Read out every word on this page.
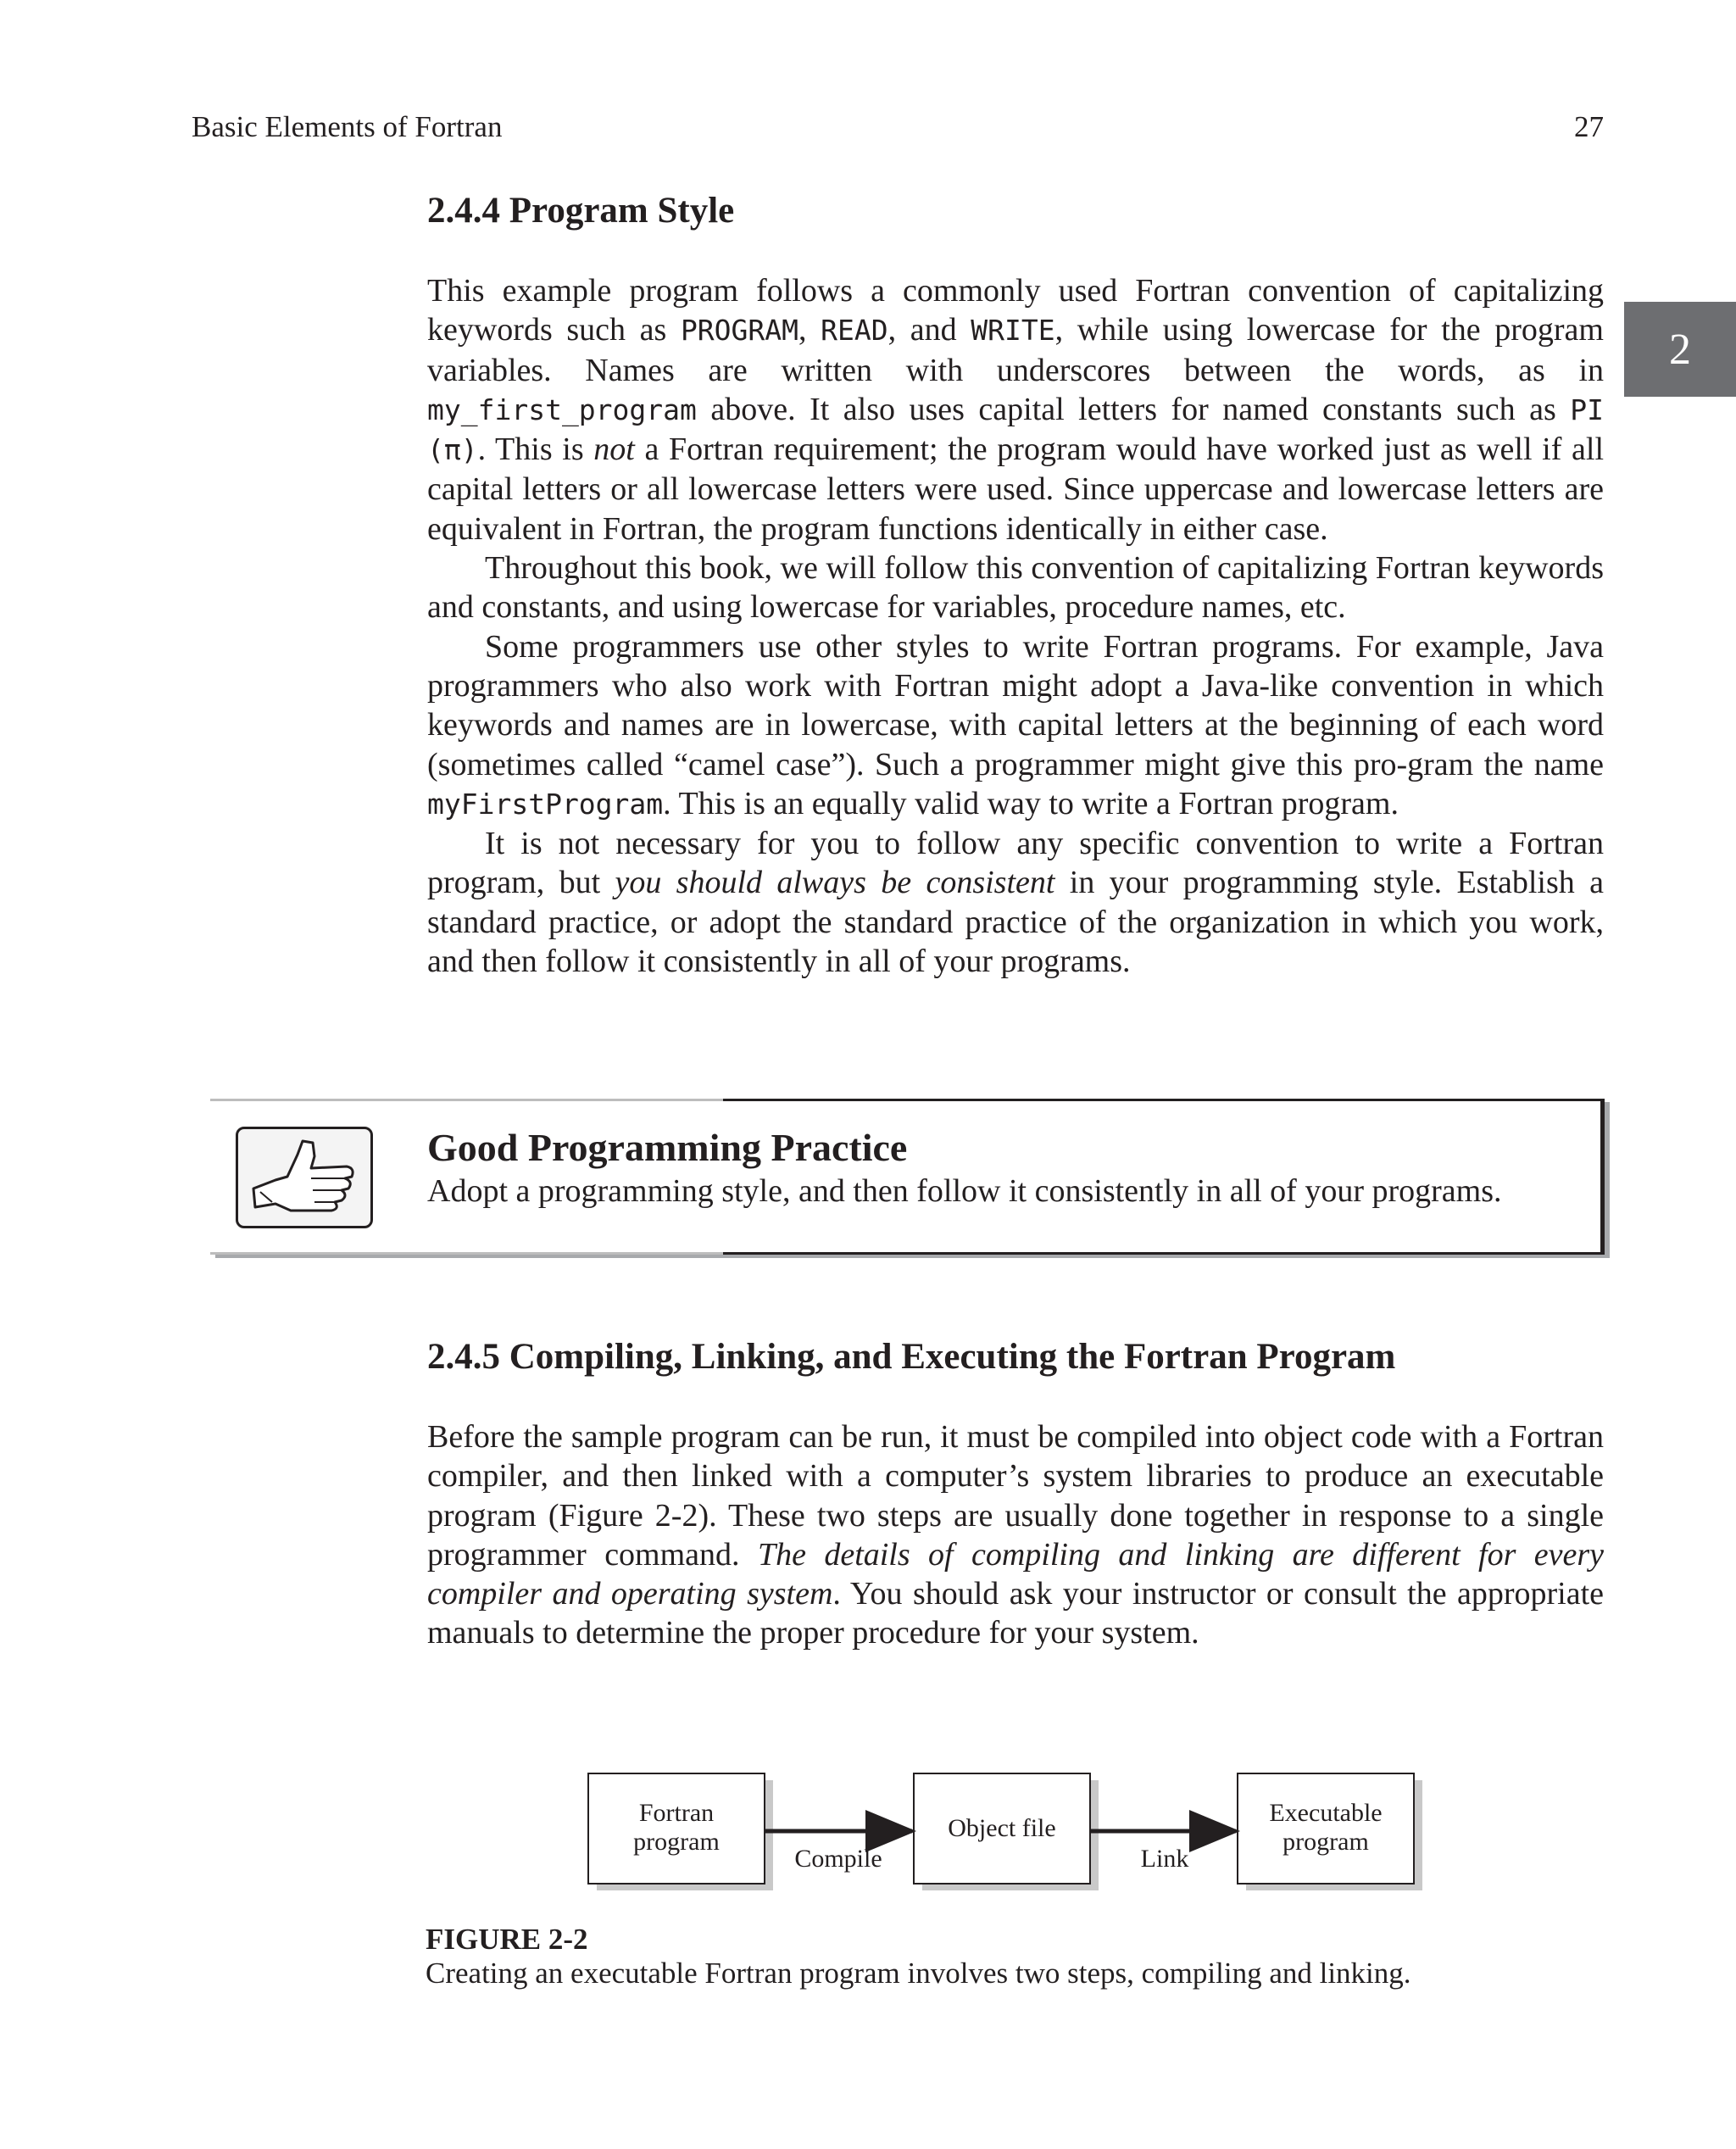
Basic Elements of Fortran	27
2
2.4.4 Program Style

This example program follows a commonly used Fortran convention of capitalizing keywords such as PROGRAM, READ, and WRITE, while using lowercase for the program variables. Names are written with underscores between the words, as in my_first_program above. It also uses capital letters for named constants such as PI (π). This is not a Fortran requirement; the program would have worked just as well if all capital letters or all lowercase letters were used. Since uppercase and lowercase letters are equivalent in Fortran, the program functions identically in either case.

Throughout this book, we will follow this convention of capitalizing Fortran keywords and constants, and using lowercase for variables, procedure names, etc.

Some programmers use other styles to write Fortran programs. For example, Java programmers who also work with Fortran might adopt a Java-like convention in which keywords and names are in lowercase, with capital letters at the beginning of each word (sometimes called “camel case”). Such a programmer might give this pro-gram the name myFirstProgram. This is an equally valid way to write a Fortran program.

It is not necessary for you to follow any specific convention to write a Fortran program, but you should always be consistent in your programming style. Establish a standard practice, or adopt the standard practice of the organization in which you work, and then follow it consistently in all of your programs.

Good Programming Practice

Adopt a programming style, and then follow it consistently in all of your programs.

2.4.5 Compiling, Linking, and Executing the Fortran Program

Before the sample program can be run, it must be compiled into object code with a Fortran compiler, and then linked with a computer’s system libraries to produce an executable program (Figure 2-2). These two steps are usually done together in response to a single programmer command. The details of compiling and linking are different for every compiler and operating system. You should ask your instructor or consult the appropriate manuals to determine the proper procedure for your system.

Fortran
program	Object file
Executable
program
Compile	Link

FIGURE 2-2

Creating an executable Fortran program involves two steps, compiling and linking.
